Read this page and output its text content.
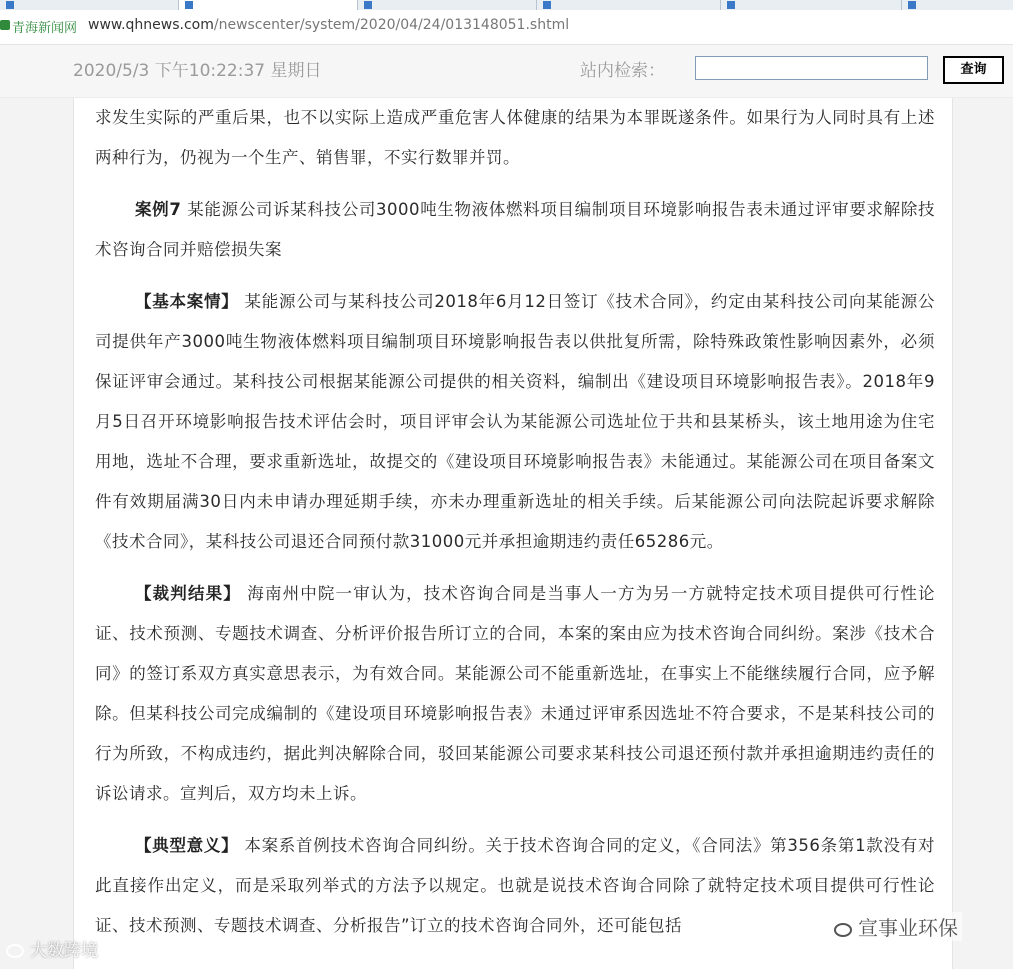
青海新闻网 www.qhnews.com/newscenter/system/2020/04/24/013148051.shtml
2020/5/3 下午10:22:37 星期日	站内检索：	查询

求发生实际的严重后果，也不以实际上造成严重危害人体健康的结果为本罪既遂条件。如果行为人同时具有上述两种行为，仍视为一个生产、销售罪，不实行数罪并罚。

案例7 某能源公司诉某科技公司3000吨生物液体燃料项目编制项目环境影响报告表未通过评审要求解除技术咨询合同并赔偿损失案

【基本案情】 某能源公司与某科技公司2018年6月12日签订《技术合同》，约定由某科技公司向某能源公司提供年产3000吨生物液体燃料项目编制项目环境影响报告表以供批复所需，除特殊政策性影响因素外，必须保证评审会通过。某科技公司根据某能源公司提供的相关资料，编制出《建设项目环境影响报告表》。2018年9月5日召开环境影响报告技术评估会时，项目评审会认为某能源公司选址位于共和县某桥头，该土地用途为住宅用地，选址不合理，要求重新选址，故提交的《建设项目环境影响报告表》未能通过。某能源公司在项目备案文件有效期届满30日内未申请办理延期手续，亦未办理重新选址的相关手续。后某能源公司向法院起诉要求解除《技术合同》，某科技公司退还合同预付款31000元并承担逾期违约责任65286元。

【裁判结果】 海南州中院一审认为，技术咨询合同是当事人一方为另一方就特定技术项目提供可行性论证、技术预测、专题技术调查、分析评价报告所订立的合同，本案的案由应为技术咨询合同纠纷。案涉《技术合同》的签订系双方真实意思表示，为有效合同。某能源公司不能重新选址，在事实上不能继续履行合同，应予解除。但某科技公司完成编制的《建设项目环境影响报告表》未通过评审系因选址不符合要求，不是某科技公司的行为所致，不构成违约，据此判决解除合同，驳回某能源公司要求某科技公司退还预付款并承担逾期违约责任的诉讼请求。宣判后，双方均未上诉。

【典型意义】 本案系首例技术咨询合同纠纷。关于技术咨询合同的定义，《合同法》第356条第1款没有对此直接作出定义，而是采取列举式的方法予以规定。也就是说技术咨询合同除了就特定技术项目提供可行性论证、技术预测、专题技术调查、分析报告”订立的技术咨询合同外，还可能包括

大数跨境
宣事业环保
